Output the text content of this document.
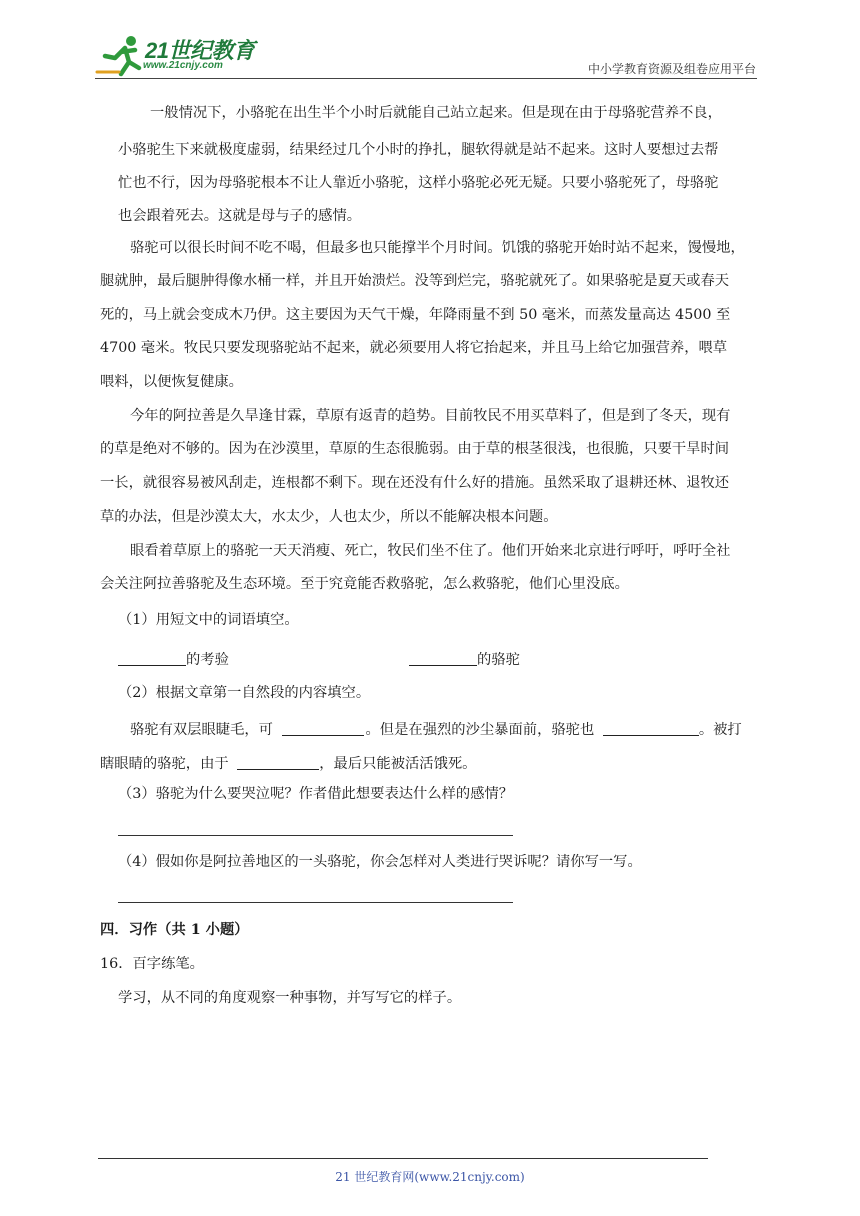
21世纪教育
www.21cnjy.com	中小学教育资源及组卷应用平台
一般情况下，小骆驼在出生半个小时后就能自己站立起来。但是现在由于母骆驼营养不良，
小骆驼生下来就极度虚弱，结果经过几个小时的挣扎，腿软得就是站不起来。这时人要想过去帮
忙也不行，因为母骆驼根本不让人靠近小骆驼，这样小骆驼必死无疑。只要小骆驼死了，母骆驼
也会跟着死去。这就是母与子的感情。
骆驼可以很长时间不吃不喝，但最多也只能撑半个月时间。饥饿的骆驼开始时站不起来，馒慢地，
腿就肿，最后腿肿得像水桶一样，并且开始溃烂。没等到烂完，骆驼就死了。如果骆驼是夏天或春天
死的，马上就会变成木乃伊。这主要因为天气干燥，年降雨量不到 50 毫米，而蒸发量高达 4500 至
4700 毫米。牧民只要发现骆驼站不起来，就必须要用人将它抬起来，并且马上给它加强营养，喂草
喂料，以便恢复健康。
今年的阿拉善是久旱逢甘霖，草原有返青的趋势。目前牧民不用买草料了，但是到了冬天，现有
的草是绝对不够的。因为在沙漠里，草原的生态很脆弱。由于草的根茎很浅，也很脆，只要干旱时间
一长，就很容易被风刮走，连根都不剩下。现在还没有什么好的措施。虽然采取了退耕还林、退牧还
草的办法，但是沙漠太大，水太少，人也太少，所以不能解决根本问题。
眼看着草原上的骆驼一天天消瘦、死亡，牧民们坐不住了。他们开始来北京进行呼吁，呼吁全社
会关注阿拉善骆驼及生态环境。至于究竟能否救骆驼，怎么救骆驼，他们心里没底。
（1）用短文中的词语填空。
的考验	的骆驼
（2）根据文章第一自然段的内容填空。
骆驼有双层眼睫毛，可	。但是在强烈的沙尘暴面前，骆驼也	。被打
瞎眼睛的骆驼，由于	，最后只能被活活饿死。
（3）骆驼为什么要哭泣呢？作者借此想要表达什么样的感情？
（4）假如你是阿拉善地区的一头骆驼，你会怎样对人类进行哭诉呢？请你写一写。
四．习作（共 1 小题）
16．百字练笔。
学习，从不同的角度观察一种事物，并写写它的样子。
21 世纪教育网(www.21cnjy.com)
